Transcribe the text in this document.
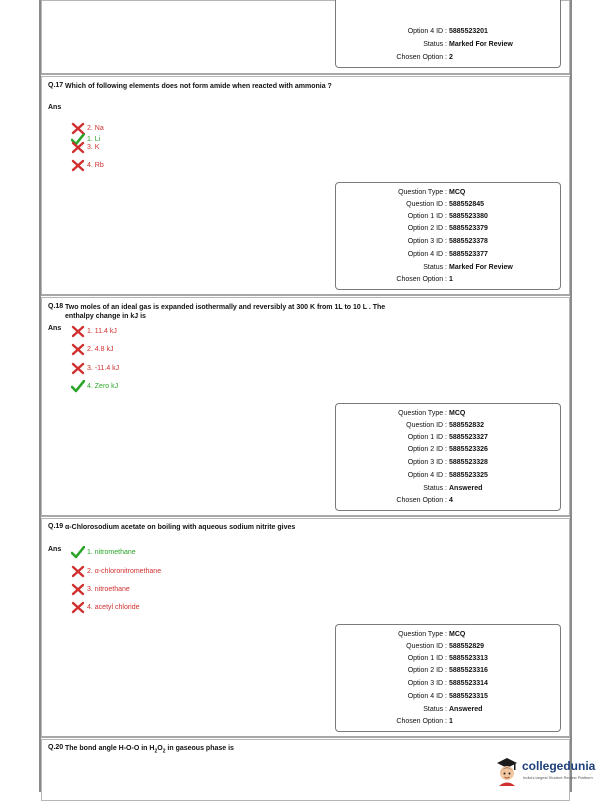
Option 4 ID : 5885523201
Status : Marked For Review
Chosen Option : 2
Q.17 Which of following elements does not form amide when reacted with ammonia ?
Ans
1. Li
2. Na
3. K
4. Rb
Question Type : MCQ
Question ID : 588552845
Option 1 ID : 5885523380
Option 2 ID : 5885523379
Option 3 ID : 5885523378
Option 4 ID : 5885523377
Status : Marked For Review
Chosen Option : 1
Q.18 Two moles of an ideal gas is expanded isothermally and reversibly at 300 K from 1L to 10 L . The enthalpy change in kJ is
Ans	1. 11.4 kJ
2. 4.8 kJ
3. -11.4 kJ
4. Zero kJ
Question Type : MCQ
Question ID : 588552832
Option 1 ID : 5885523327
Option 2 ID : 5885523326
Option 3 ID : 5885523328
Option 4 ID : 5885523325
Status : Answered
Chosen Option : 4
Q.19 α-Chlorosodium acetate on boiling with aqueous sodium nitrite gives
Ans	1. nitromethane
2. α-chloronitromethane
3. nitroethane
4. acetyl chloride
Question Type : MCQ
Question ID : 588552829
Option 1 ID : 5885523313
Option 2 ID : 5885523316
Option 3 ID : 5885523314
Option 4 ID : 5885523315
Status : Answered
Chosen Option : 1
Q.20 The bond angle H-O-O in $H_2O_2$ in gaseous phase is
collegedunia
India's largest Student Review Platform
